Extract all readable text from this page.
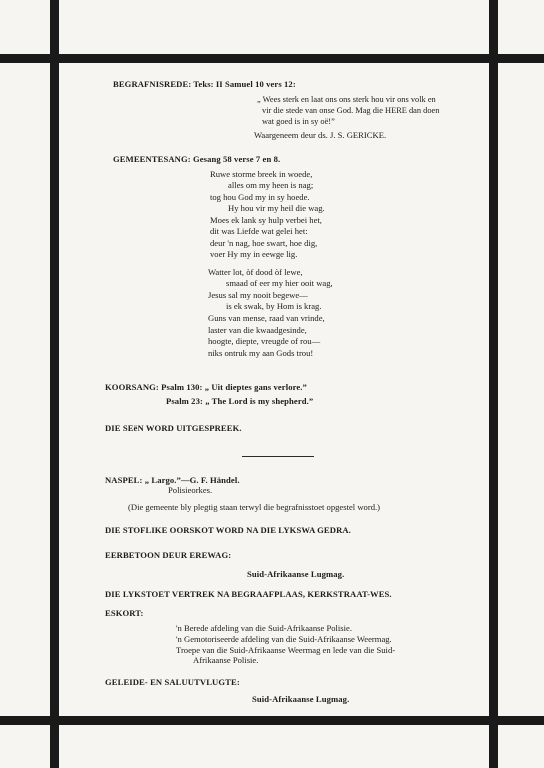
BEGRAFNISREDE: Teks: II Samuel 10 vers 12:
„ Wees sterk en laat ons ons sterk hou vir ons volk en
vir die stede van onse God. Mag die HERE dan doen
wat goed is in sy oë!”
Waargeneem deur ds. J. S. GERICKE.
GEMEENTESANG: Gesang 58 verse 7 en 8.
Ruwe storme breek in woede,
alles om my heen is nag;
tog hou God my in sy hoede.
Hy hou vir my heil die wag.
Moes ek lank sy hulp verbei het,
dit was Liefde wat gelei het:
deur 'n nag, hoe swart, hoe dig,
voer Hy my in eewge lig.
Watter lot, òf dood òf lewe,
smaad of eer my hier ooit wag,
Jesus sal my nooit begewe—
is ek swak, by Hom is krag.
Guns van mense, raad van vrinde,
laster van die kwaadgesinde,
hoogte, diepte, vreugde of rou—
niks ontruk my aan Gods trou!
KOORSANG: Psalm 130: „ Uit dieptes gans verlore.”
Psalm 23: „ The Lord is my shepherd.”
DIE SEëN WORD UITGESPREEK.
NASPEL: „ Largo.”—G. F. Händel.
Polisieorkes.
(Die gemeente bly plegtig staan terwyl die begrafnisstoet opgestel word.)
DIE STOFLIKE OORSKOT WORD NA DIE LYKSWA GEDRA.
EERBETOON DEUR EREWAG:
Suid-Afrikaanse Lugmag.
DIE LYKSTOET VERTREK NA BEGRAAFPLAAS, KERKSTRAAT-WES.
ESKORT:
'n Berede afdeling van die Suid-Afrikaanse Polisie.
'n Gemotoriseerde afdeling van die Suid-Afrikaanse Weermag.
Troepe van die Suid-Afrikaanse Weermag en lede van die Suid-
Afrikaanse Polisie.
GELEIDE- EN SALUUTVLUGTE:
Suid-Afrikaanse Lugmag.
